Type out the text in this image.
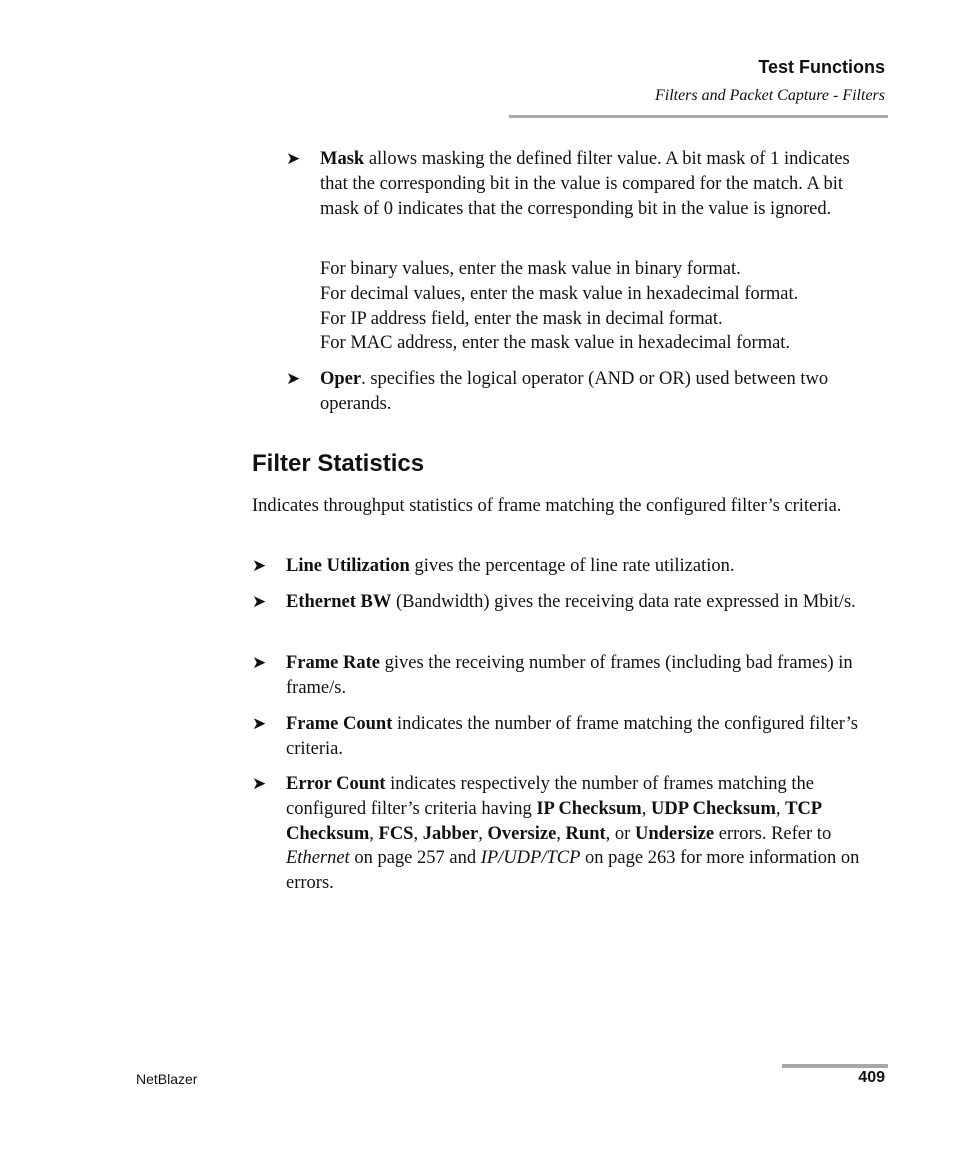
Test Functions
Filters and Packet Capture - Filters
➤ Mask allows masking the defined filter value. A bit mask of 1 indicates that the corresponding bit in the value is compared for the match. A bit mask of 0 indicates that the corresponding bit in the value is ignored.
For binary values, enter the mask value in binary format.
For decimal values, enter the mask value in hexadecimal format.
For IP address field, enter the mask in decimal format.
For MAC address, enter the mask value in hexadecimal format.
➤ Oper. specifies the logical operator (AND or OR) used between two operands.
Filter Statistics
Indicates throughput statistics of frame matching the configured filter’s criteria.
➤ Line Utilization gives the percentage of line rate utilization.
➤ Ethernet BW (Bandwidth) gives the receiving data rate expressed in Mbit/s.
➤ Frame Rate gives the receiving number of frames (including bad frames) in frame/s.
➤ Frame Count indicates the number of frame matching the configured filter’s criteria.
➤ Error Count indicates respectively the number of frames matching the configured filter’s criteria having IP Checksum, UDP Checksum, TCP Checksum, FCS, Jabber, Oversize, Runt, or Undersize errors. Refer to Ethernet on page 257 and IP/UDP/TCP on page 263 for more information on errors.
NetBlazer	409
